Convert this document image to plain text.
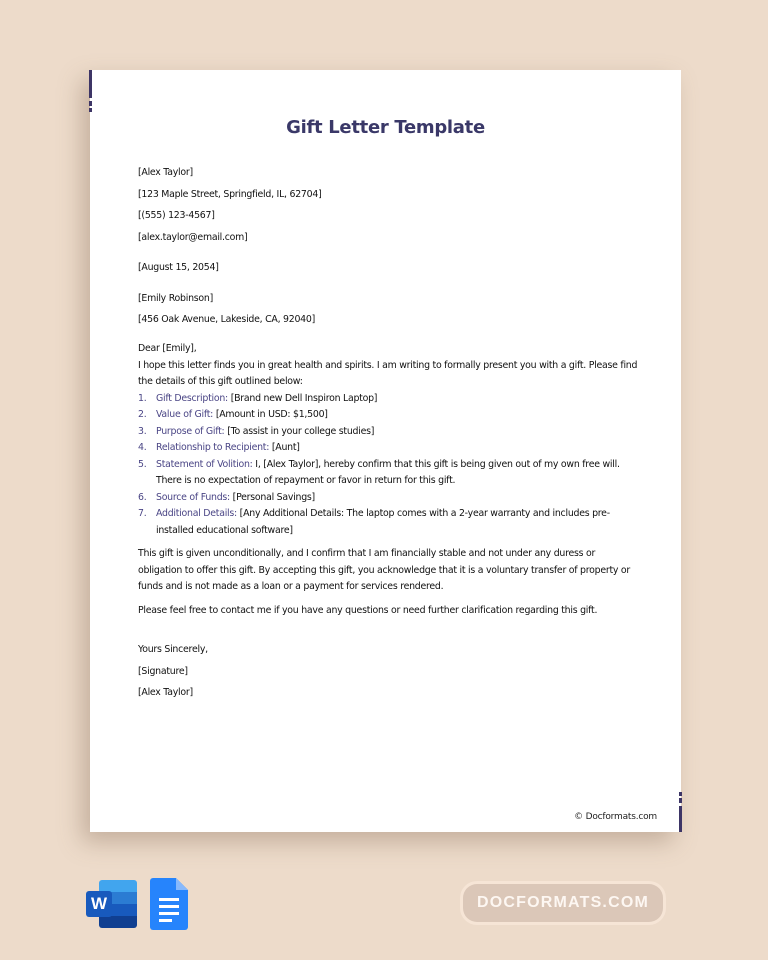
Gift Letter Template
[Alex Taylor]
[123 Maple Street, Springfield, IL, 62704]
[(555) 123-4567]
[alex.taylor@email.com]
[August 15, 2054]
[Emily Robinson]
[456 Oak Avenue, Lakeside, CA, 92040]
Dear [Emily],
I hope this letter finds you in great health and spirits. I am writing to formally present you with a gift. Please find the details of this gift outlined below:
1.	Gift Description: [Brand new Dell Inspiron Laptop]
2.	Value of Gift: [Amount in USD: $1,500]
3.	Purpose of Gift: [To assist in your college studies]
4.	Relationship to Recipient: [Aunt]
5.	Statement of Volition: I, [Alex Taylor], hereby confirm that this gift is being given out of my own free will. There is no expectation of repayment or favor in return for this gift.
6.	Source of Funds: [Personal Savings]
7.	Additional Details: [Any Additional Details: The laptop comes with a 2-year warranty and includes pre-installed educational software]
This gift is given unconditionally, and I confirm that I am financially stable and not under any duress or obligation to offer this gift. By accepting this gift, you acknowledge that it is a voluntary transfer of property or funds and is not made as a loan or a payment for services rendered.
Please feel free to contact me if you have any questions or need further clarification regarding this gift.
Yours Sincerely,
[Signature]
[Alex Taylor]
© Docformats.com
W	DOCFORMATS.COM
